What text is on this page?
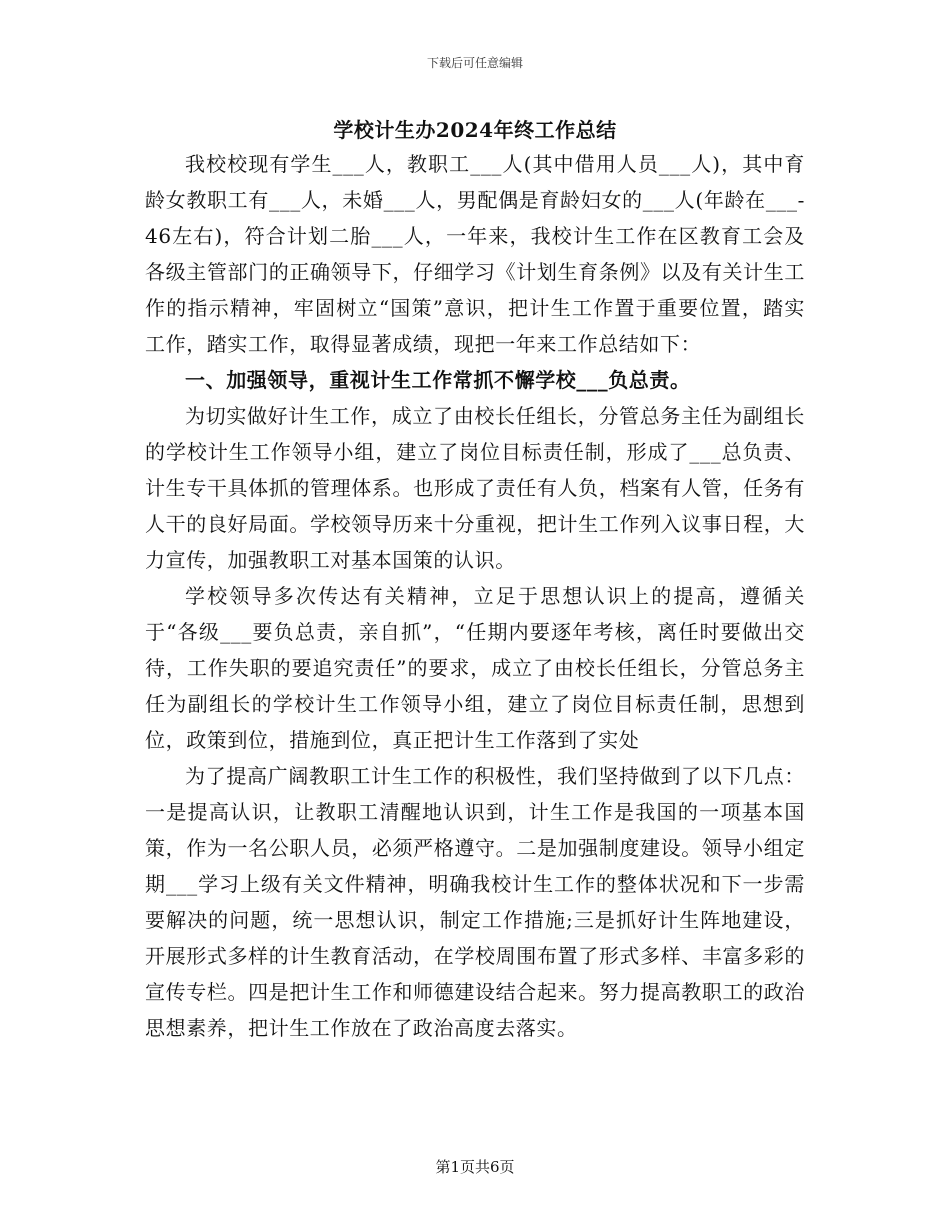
下载后可任意编辑
学校计生办2024年终工作总结

我校校现有学生___人，教职工___人(其中借用人员___人)，其中育龄女教职工有___人，未婚___人，男配偶是育龄妇女的___人(年龄在___-46左右)，符合计划二胎___人，一年来，我校计生工作在区教育工会及各级主管部门的正确领导下，仔细学习《计划生育条例》以及有关计生工作的指示精神，牢固树立“国策”意识，把计生工作置于重要位置，踏实工作，踏实工作，取得显著成绩，现把一年来工作总结如下：

一、加强领导，重视计生工作常抓不懈学校___负总责。

为切实做好计生工作，成立了由校长任组长，分管总务主任为副组长的学校计生工作领导小组，建立了岗位目标责任制，形成了___总负责、计生专干具体抓的管理体系。也形成了责任有人负，档案有人管，任务有人干的良好局面。学校领导历来十分重视，把计生工作列入议事日程，大力宣传，加强教职工对基本国策的认识。

学校领导多次传达有关精神，立足于思想认识上的提高，遵循关于“各级___要负总责，亲自抓”，“任期内要逐年考核，离任时要做出交待，工作失职的要追究责任”的要求，成立了由校长任组长，分管总务主任为副组长的学校计生工作领导小组，建立了岗位目标责任制，思想到位，政策到位，措施到位，真正把计生工作落到了实处

为了提高广阔教职工计生工作的积极性，我们坚持做到了以下几点：一是提高认识，让教职工清醒地认识到，计生工作是我国的一项基本国策，作为一名公职人员，必须严格遵守。二是加强制度建设。领导小组定期___学习上级有关文件精神，明确我校计生工作的整体状况和下一步需要解决的问题，统一思想认识，制定工作措施;三是抓好计生阵地建设，开展形式多样的计生教育活动，在学校周围布置了形式多样、丰富多彩的宣传专栏。四是把计生工作和师德建设结合起来。努力提高教职工的政治思想素养，把计生工作放在了政治高度去落实。

第1页共6页
